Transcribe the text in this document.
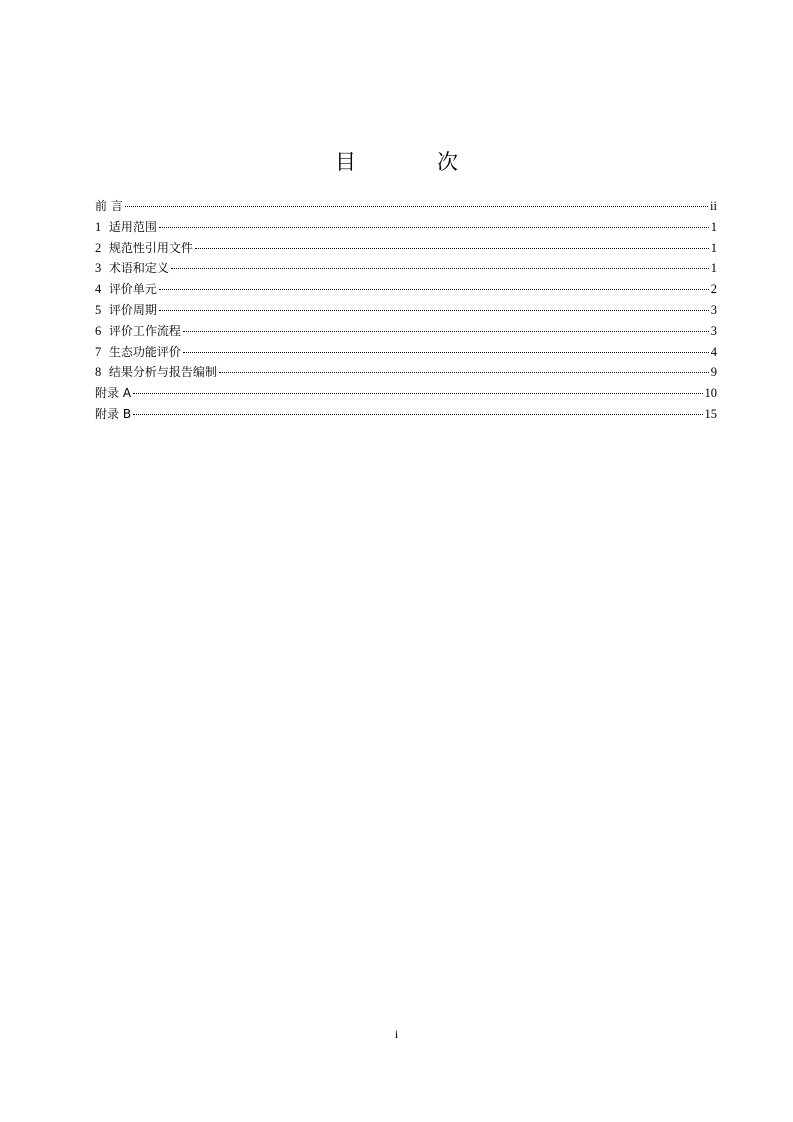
目　次
前 言	ii
1 适用范围	1
2 规范性引用文件	1
3 术语和定义	1
4 评价单元	2
5 评价周期	3
6 评价工作流程	3
7 生态功能评价	4
8 结果分析与报告编制	9
附录 A	10
附录 B	15
i
